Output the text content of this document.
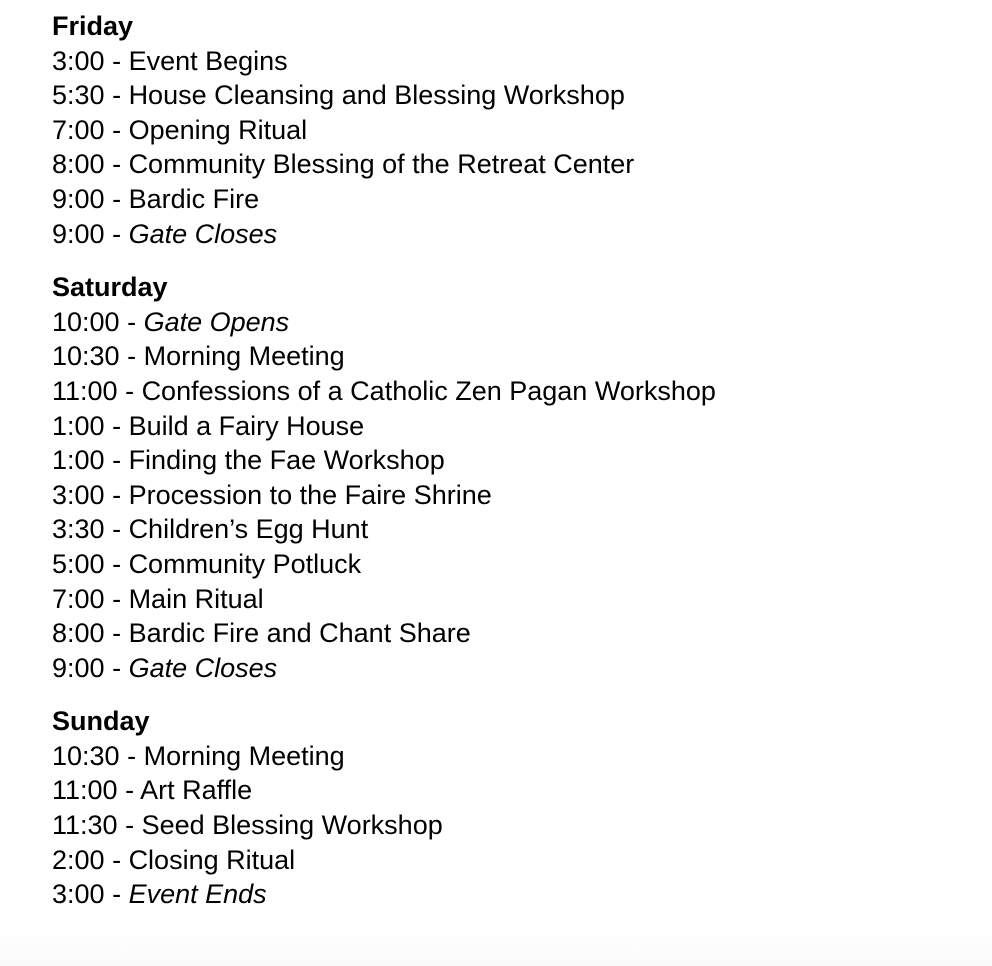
Friday
3:00 - Event Begins
5:30 - House Cleansing and Blessing Workshop
7:00 - Opening Ritual
8:00 - Community Blessing of the Retreat Center
9:00 - Bardic Fire
9:00 - Gate Closes
Saturday
10:00 - Gate Opens
10:30 - Morning Meeting
11:00 - Confessions of a Catholic Zen Pagan Workshop
1:00 - Build a Fairy House
1:00 - Finding the Fae Workshop
3:00 - Procession to the Faire Shrine
3:30 - Children’s Egg Hunt
5:00 - Community Potluck
7:00 - Main Ritual
8:00 - Bardic Fire and Chant Share
9:00 - Gate Closes
Sunday
10:30 - Morning Meeting
11:00 - Art Raffle
11:30 - Seed Blessing Workshop
2:00 - Closing Ritual
3:00 - Event Ends
